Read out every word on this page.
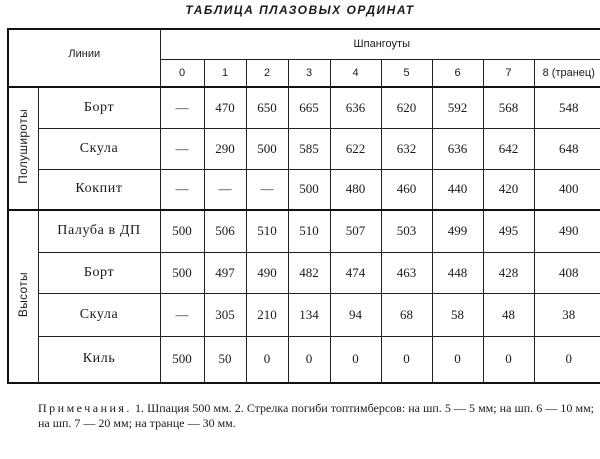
ТАБЛИЦА ПЛАЗОВЫХ ОРДИНАТ
Линии		Шпангоуты								
		0	1	2	3	4	5	6	7	8 (транец)
Полуширoты	Борт	—	470	650	665	636	620	592	568	548
	Скула	—	290	500	585	622	632	636	642	648
	Кокпит	—	—	—	500	480	460	440	420	400
Высоты	Палуба в ДП	500	506	510	510	507	503	499	495	490
	Борт	500	497	490	482	474	463	448	428	408
	Скула	—	305	210	134	94	68	58	48	38
	Киль	500	50	0	0	0	0	0	0	0
Примечания. 1. Шпация 500 мм. 2. Стрелка погиби топтимберсов: на шп. 5 — 5 мм; на шп. 6 — 10 мм; на шп. 7 — 20 мм; на транце — 30 мм.
